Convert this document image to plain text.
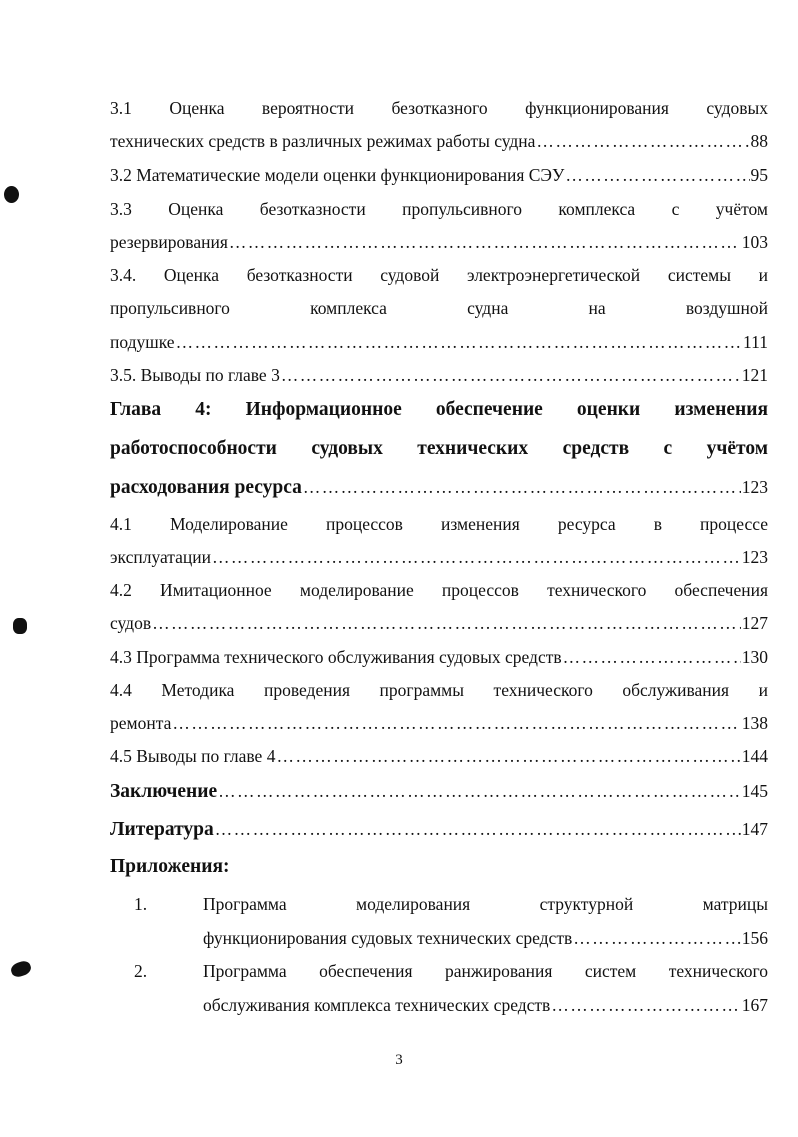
3.1 Оценка вероятности безотказного функционирования судовых
технических средств в различных режимах работы судна ……………………………………………………………………………………………………………………………………………………………………………………………………………………	88
3.2 Математические модели оценки функционирования СЭУ ……………………………………………………………………………………………………………………………………………………………………………………………………………………	95
3.3 Оценка безотказности пропульсивного комплекса с учётом
резервирования ……………………………………………………………………………………………………………………………………………………………………………………………………………………	103
3.4. Оценка безотказности судовой электроэнергетической системы и
пропульсивного комплекса судна на воздушной
подушке ……………………………………………………………………………………………………………………………………………………………………………………………………………………	111
3.5. Выводы по главе 3 ……………………………………………………………………………………………………………………………………………………………………………………………………………………	121
Глава 4: Информационное обеспечение оценки изменения
работоспособности судовых технических средств с учётом
расходования ресурса ……………………………………………………………………………………………………………………………………………………………………………………………………………………	123
4.1 Моделирование процессов изменения ресурса в процессе
эксплуатации ……………………………………………………………………………………………………………………………………………………………………………………………………………………	123
4.2 Имитационное моделирование процессов технического обеспечения
судов ……………………………………………………………………………………………………………………………………………………………………………………………………………………	127
4.3 Программа технического обслуживания судовых средств ……………………………………………………………………………………………………………………………………………………………………………………………………………………	130
4.4 Методика проведения программы технического обслуживания и
ремонта ……………………………………………………………………………………………………………………………………………………………………………………………………………………	138
4.5 Выводы по главе 4 ……………………………………………………………………………………………………………………………………………………………………………………………………………………	144
Заключение ……………………………………………………………………………………………………………………………………………………………………………………………………………………	145
Литература ……………………………………………………………………………………………………………………………………………………………………………………………………………………	147
Приложения:
1.	Программа моделирования структурной матрицы
функционирования судовых технических средств ……………………………………………………………………………………………………………………………………………………………………………………………………………………	156
2.	Программа обеспечения ранжирования систем технического
обслуживания комплекса технических средств ……………………………………………………………………………………………………………………………………………………………………………………………………………………	167
3
